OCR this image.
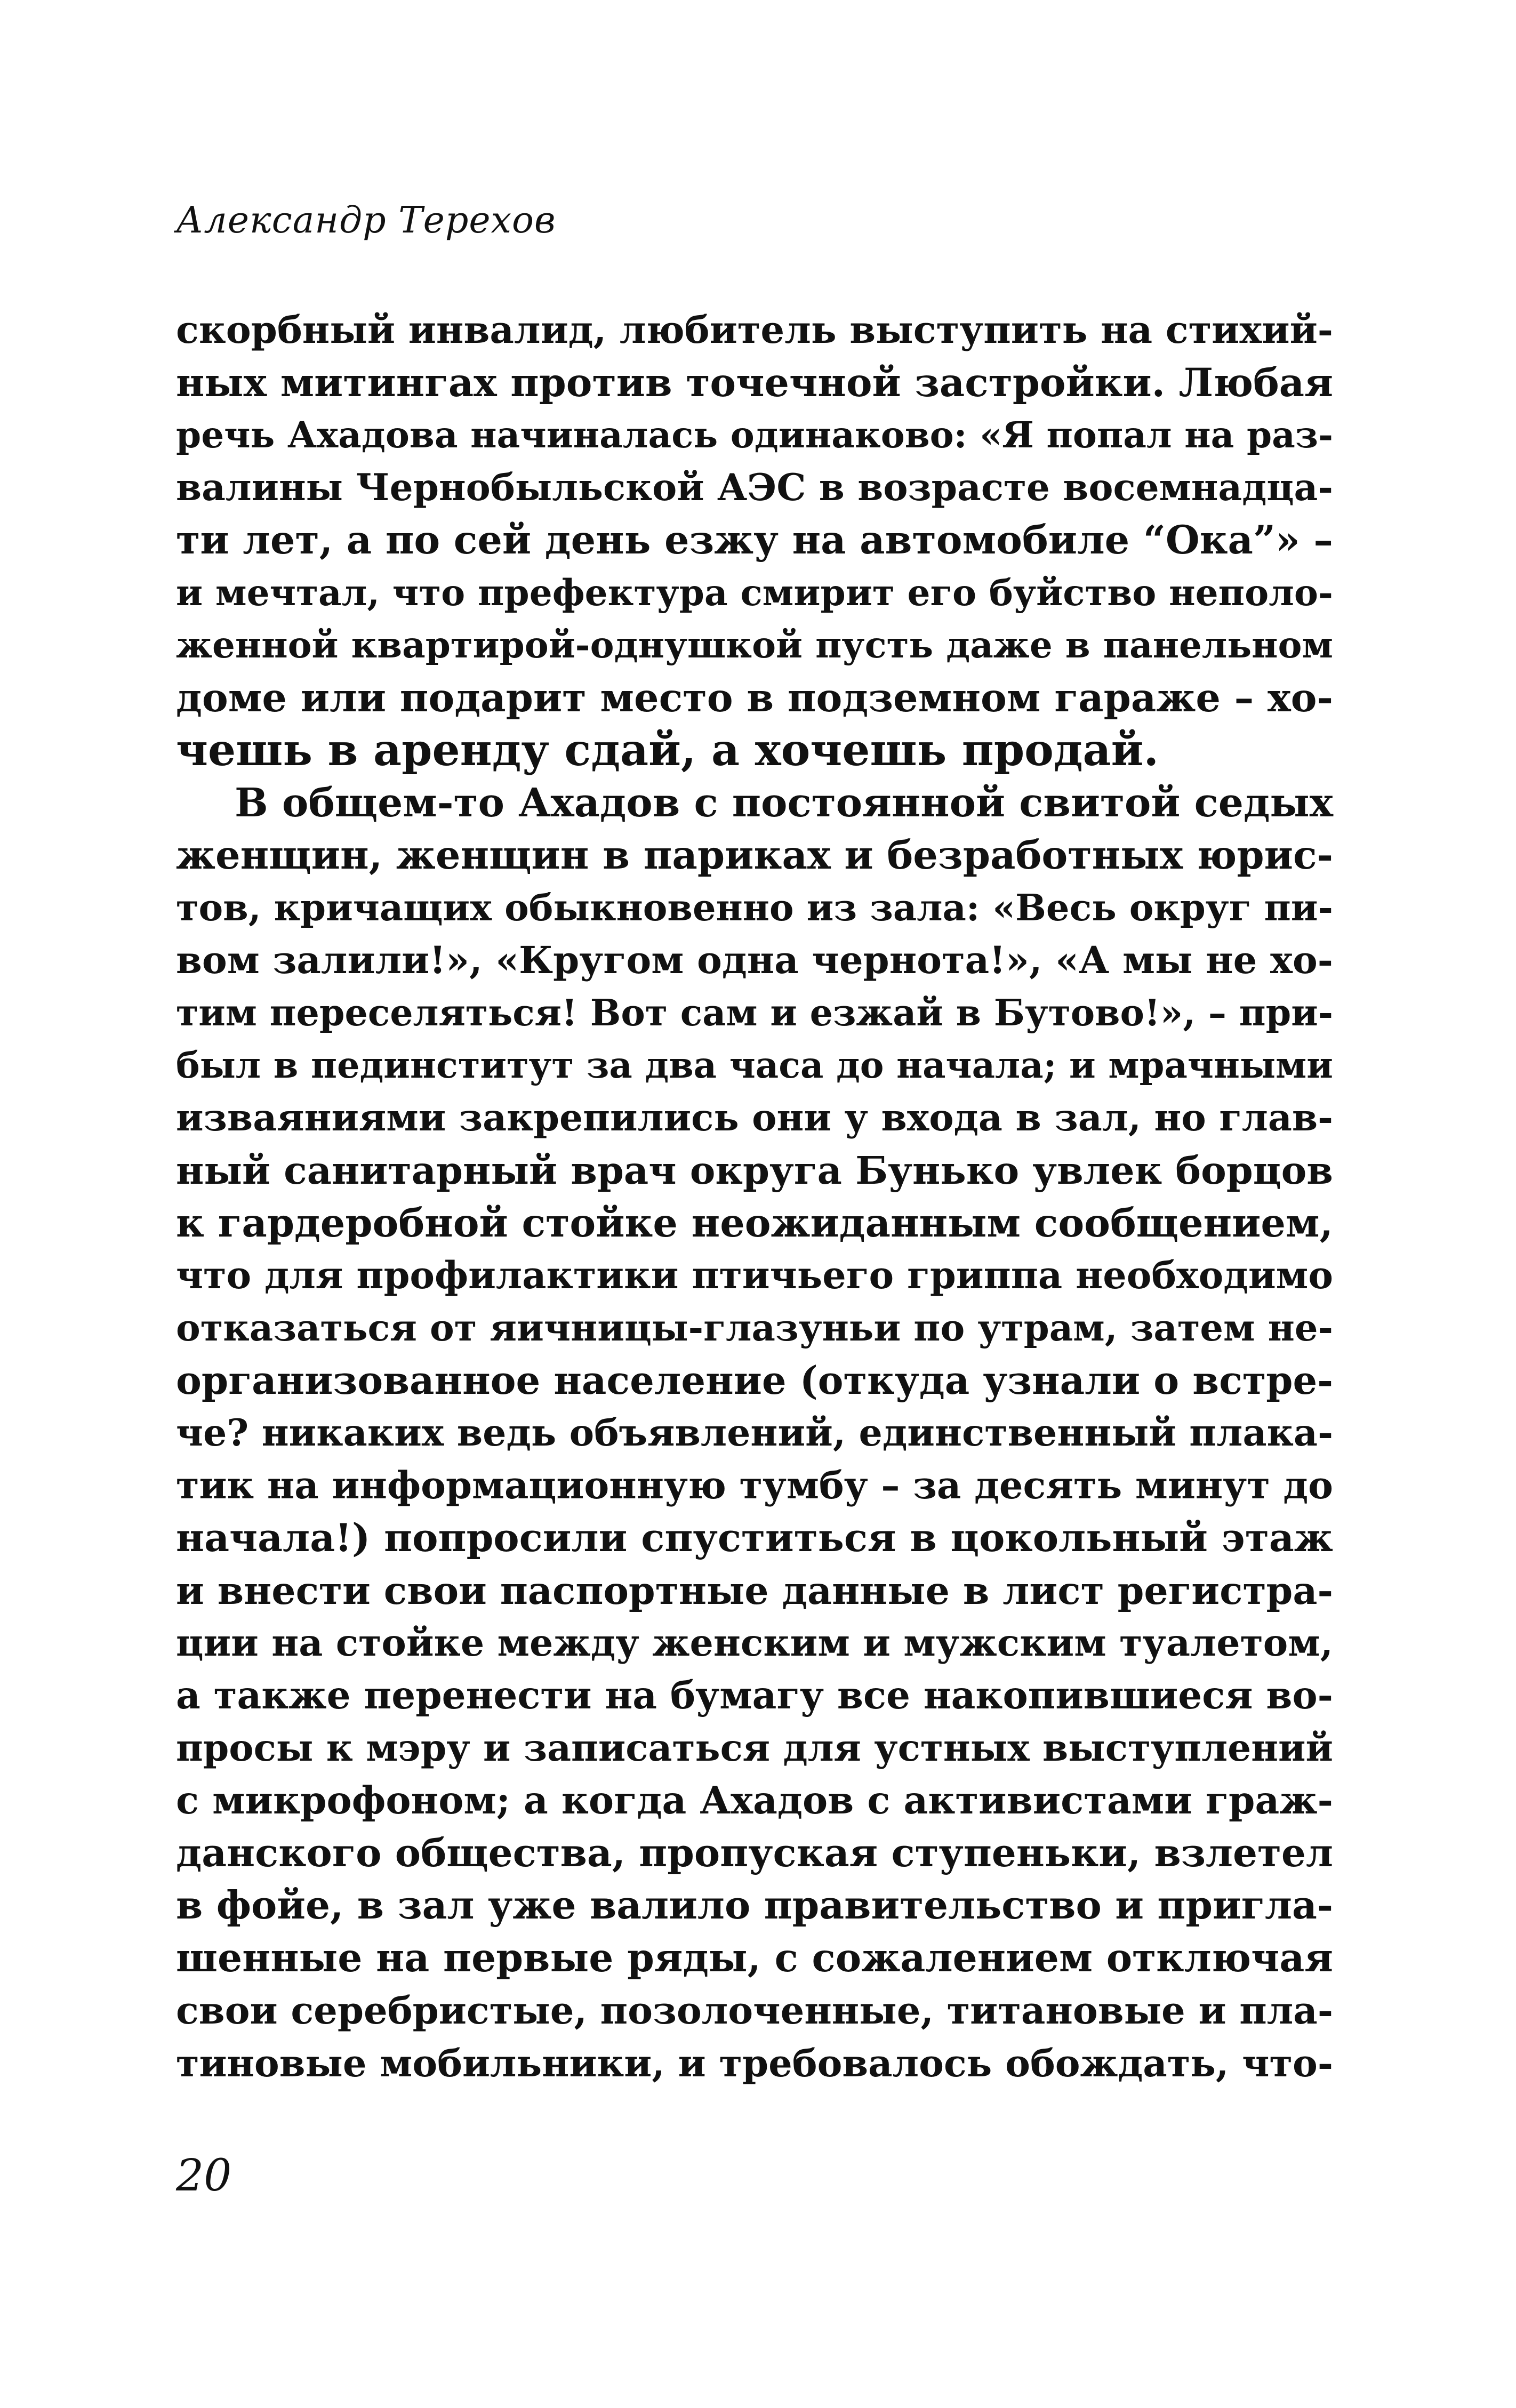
Александр Терехов
скорбный инвалид, любитель выступить на стихий-
ных митингах против точечной застройки. Любая
речь Ахадова начиналась одинаково: «Я попал на раз-
валины Чернобыльской АЭС в возрасте восемнадца-
ти лет, а по сей день езжу на автомобиле “Ока”» –
и мечтал, что префектура смирит его буйство неполо-
женной квартирой-однушкой пусть даже в панельном
доме или подарит место в подземном гараже – хо-
чешь в аренду сдай, а хочешь продай.
В общем-то Ахадов с постоянной свитой седых
женщин, женщин в париках и безработных юрис-
тов, кричащих обыкновенно из зала: «Весь округ пи-
вом залили!», «Кругом одна чернота!», «А мы не хо-
тим переселяться! Вот сам и езжай в Бутово!», – при-
был в пединститут за два часа до начала; и мрачными
изваяниями закрепились они у входа в зал, но глав-
ный санитарный врач округа Бунько увлек борцов
к гардеробной стойке неожиданным сообщением,
что для профилактики птичьего гриппа необходимо
отказаться от яичницы-глазуньи по утрам, затем не-
организованное население (откуда узнали о встре-
че? никаких ведь объявлений, единственный плака-
тик на информационную тумбу – за десять минут до
начала!) попросили спуститься в цокольный этаж
и внести свои паспортные данные в лист регистра-
ции на стойке между женским и мужским туалетом,
а также перенести на бумагу все накопившиеся во-
просы к мэру и записаться для устных выступлений
с микрофоном; а когда Ахадов с активистами граж-
данского общества, пропуская ступеньки, взлетел
в фойе, в зал уже валило правительство и пригла-
шенные на первые ряды, с сожалением отключая
свои серебристые, позолоченные, титановые и пла-
тиновые мобильники, и требовалось обождать, что-
20
